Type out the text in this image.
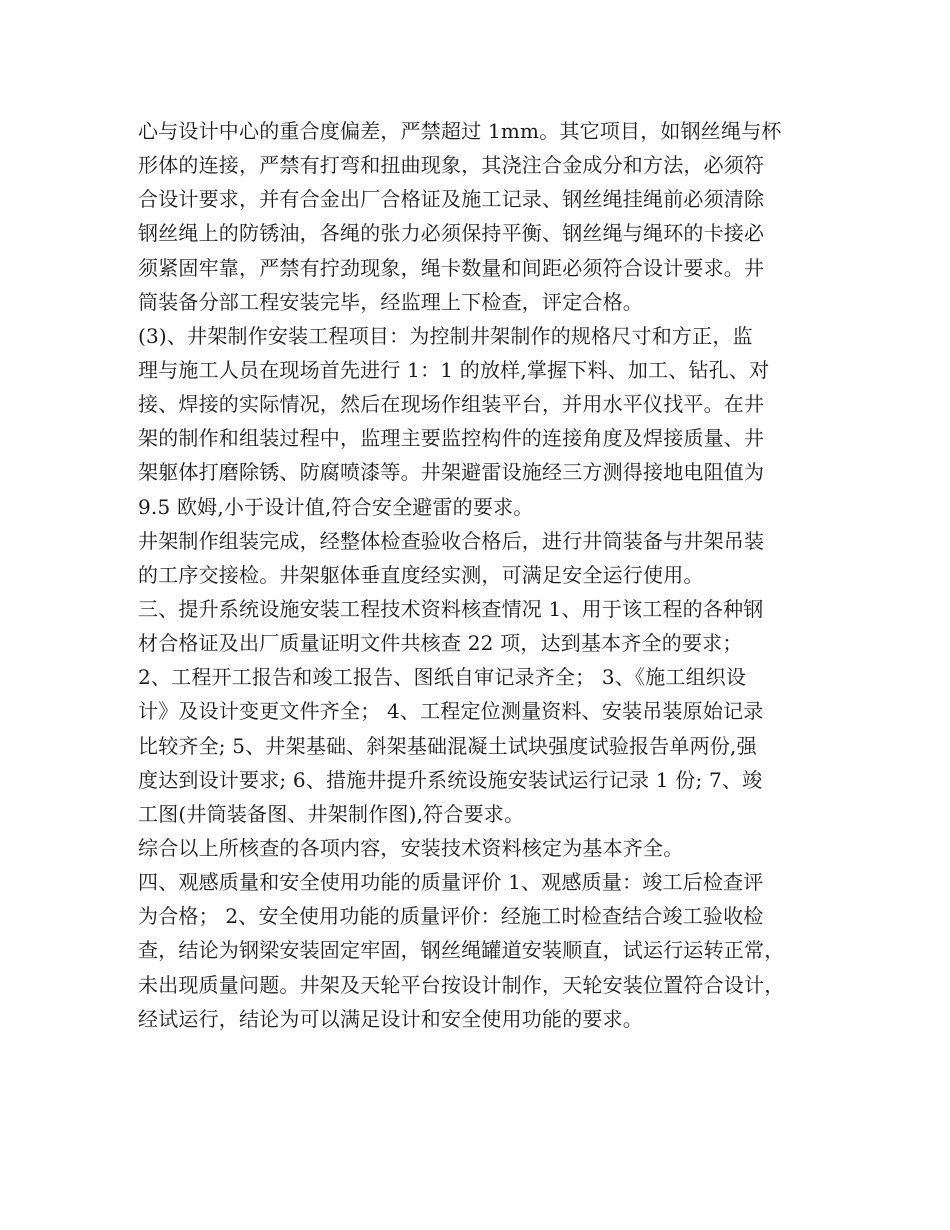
心与设计中心的重合度偏差，严禁超过 1mm。其它项目，如钢丝绳与杯
形体的连接，严禁有打弯和扭曲现象，其浇注合金成分和方法，必须符
合设计要求，并有合金出厂合格证及施工记录、钢丝绳挂绳前必须清除
钢丝绳上的防锈油，各绳的张力必须保持平衡、钢丝绳与绳环的卡接必
须紧固牢靠，严禁有拧劲现象，绳卡数量和间距必须符合设计要求。井
筒装备分部工程安装完毕，经监理上下检查，评定合格。
(3)、井架制作安装工程项目：为控制井架制作的规格尺寸和方正，监
理与施工人员在现场首先进行 1：1 的放样,掌握下料、加工、钻孔、对
接、焊接的实际情况，然后在现场作组装平台，并用水平仪找平。在井
架的制作和组装过程中，监理主要监控构件的连接角度及焊接质量、井
架躯体打磨除锈、防腐喷漆等。井架避雷设施经三方测得接地电阻值为
9.5 欧姆,小于设计值,符合安全避雷的要求。
井架制作组装完成，经整体检查验收合格后，进行井筒装备与井架吊装
的工序交接检。井架躯体垂直度经实测，可满足安全运行使用。
三、提升系统设施安装工程技术资料核查情况 1、用于该工程的各种钢
材合格证及出厂质量证明文件共核查 22 项，达到基本齐全的要求；
2、工程开工报告和竣工报告、图纸自审记录齐全； 3、《施工组织设
计》及设计变更文件齐全； 4、工程定位测量资料、安装吊装原始记录
比较齐全; 5、井架基础、斜架基础混凝土试块强度试验报告单两份,强
度达到设计要求; 6、措施井提升系统设施安装试运行记录 1 份; 7、竣
工图(井筒装备图、井架制作图),符合要求。
综合以上所核查的各项内容，安装技术资料核定为基本齐全。
四、观感质量和安全使用功能的质量评价 1、观感质量：竣工后检查评
为合格； 2、安全使用功能的质量评价：经施工时检查结合竣工验收检
查，结论为钢梁安装固定牢固，钢丝绳罐道安装顺直，试运行运转正常，
未出现质量问题。井架及天轮平台按设计制作，天轮安装位置符合设计，
经试运行，结论为可以满足设计和安全使用功能的要求。
